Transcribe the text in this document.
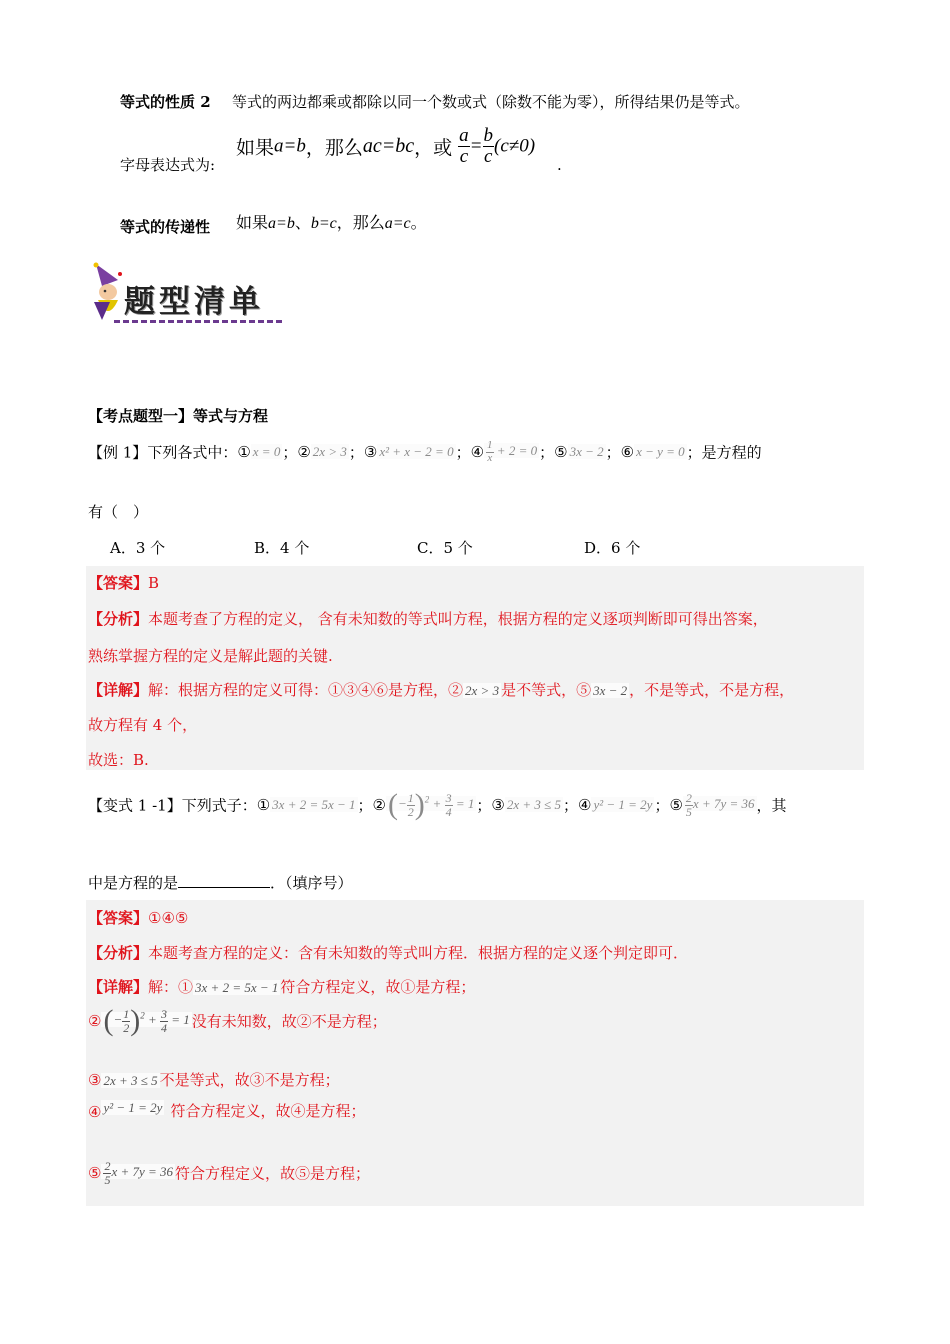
等式的性质 2 等式的两边都乘或都除以同一个数或式（除数不能为零），所得结果仍是等式。
字母表达式为:
如果a=b，那么ac=bc，或 $\frac{a}{c} = \frac{b}{c} (c\ne 0)$
.
等式的传递性 如果a=b、b=c，那么a=c。
题型清单
【考点题型一】等式与方程
【例 1】下列各式中：① x = 0 ；② 2x > 3 ；③ x² + x − 2 = 0 ；④ $\frac{1}{x} + 2 = 0$ ；⑤ 3x − 2 ；⑥ x − y = 0 ；是方程的
有（　）
A．3 个	B．4 个	C．5 个	D．6 个
【答案】B
【分析】本题考查了方程的定义， 含有未知数的等式叫方程，根据方程的定义逐项判断即可得出答案，
熟练掌握方程的定义是解此题的关键.
【详解】解：根据方程的定义可得：①③④⑥是方程，② 2x > 3 是不等式，⑤ 3x − 2 ，不是等式，不是方程，
故方程有 4 个，
故选：B.
【变式 1 -1】下列式子：① 3x + 2 = 5x − 1 ；②(− $\frac{1}{2} )^2 + \frac{3}{4} = 1$ ；③ 2x + 3 ≤ 5 ；④ y² − 1 = 2y ；⑤ $\frac{2}{5}$ x + 7y = 36 ，其
中是方程的是	．（填序号）
【答案】①④⑤
【分析】本题考查方程的定义：含有未知数的等式叫方程．根据方程的定义逐个判定即可．
【详解】解：① 3x + 2 = 5x − 1 符合方程定义，故①是方程；
②(− $\frac{1}{2} )^2 + \frac{3}{4} = 1$ 没有未知数，故②不是方程；
③ 2x + 3 ≤ 5 不是等式，故③不是方程；
④ y² − 1 = 2y 符合方程定义，故④是方程；
⑤ $\frac{2}{5}$ x + 7y = 36 符合方程定义，故⑤是方程；
